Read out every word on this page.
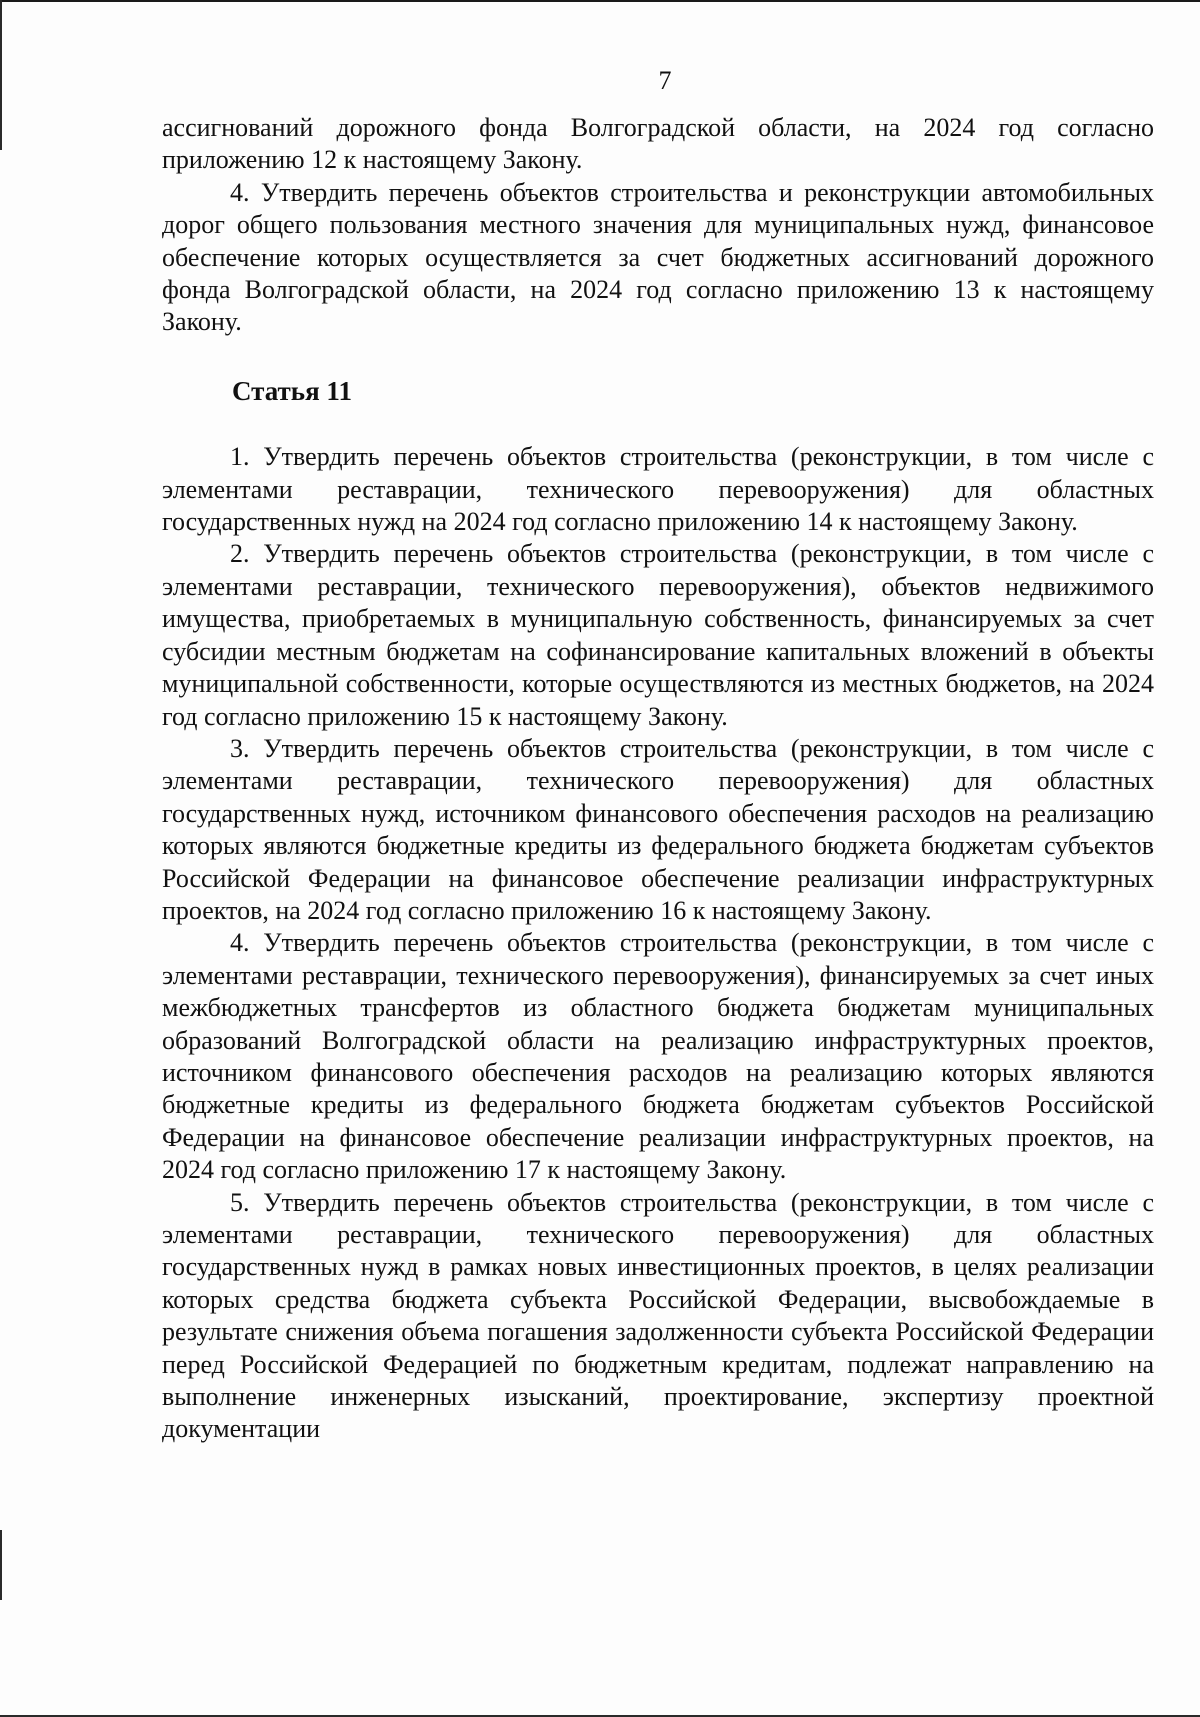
7

ассигнований дорожного фонда Волгоградской области, на 2024 год согласно приложению 12 к настоящему Закону.

4. Утвердить перечень объектов строительства и реконструкции автомобильных дорог общего пользования местного значения для муниципальных нужд, финансовое обеспечение которых осуществляется за счет бюджетных ассигнований дорожного фонда Волгоградской области, на 2024 год согласно приложению 13 к настоящему Закону.

Статья 11

1. Утвердить перечень объектов строительства (реконструкции, в том числе с элементами реставрации, технического перевооружения) для областных государственных нужд на 2024 год согласно приложению 14 к настоящему Закону.

2. Утвердить перечень объектов строительства (реконструкции, в том числе с элементами реставрации, технического перевооружения), объектов недвижимого имущества, приобретаемых в муниципальную собственность, финансируемых за счет субсидии местным бюджетам на софинансирование капитальных вложений в объекты муниципальной собственности, которые осуществляются из местных бюджетов, на 2024 год согласно приложению 15 к настоящему Закону.

3. Утвердить перечень объектов строительства (реконструкции, в том числе с элементами реставрации, технического перевооружения) для областных государственных нужд, источником финансового обеспечения расходов на реализацию которых являются бюджетные кредиты из федерального бюджета бюджетам субъектов Российской Федерации на финансовое обеспечение реализации инфраструктурных проектов, на 2024 год согласно приложению 16 к настоящему Закону.

4. Утвердить перечень объектов строительства (реконструкции, в том числе с элементами реставрации, технического перевооружения), финансируемых за счет иных межбюджетных трансфертов из областного бюджета бюджетам муниципальных образований Волгоградской области на реализацию инфраструктурных проектов, источником финансового обеспечения расходов на реализацию которых являются бюджетные кредиты из федерального бюджета бюджетам субъектов Российской Федерации на финансовое обеспечение реализации инфраструктурных проектов, на 2024 год согласно приложению 17 к настоящему Закону.

5. Утвердить перечень объектов строительства (реконструкции, в том числе с элементами реставрации, технического перевооружения) для областных государственных нужд в рамках новых инвестиционных проектов, в целях реализации которых средства бюджета субъекта Российской Федерации, высвобождаемые в результате снижения объема погашения задолженности субъекта Российской Федерации перед Российской Федерацией по бюджетным кредитам, подлежат направлению на выполнение инженерных изысканий, проектирование, экспертизу проектной документации
